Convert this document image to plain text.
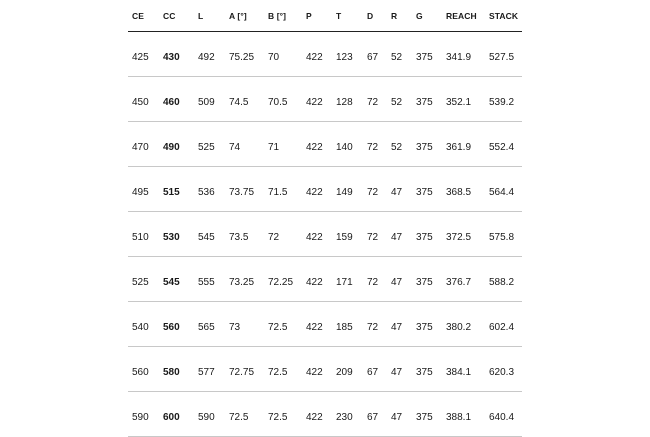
CE CC	L	A [°]	B [°] P	T	D R G	REACH STACK
425 430 492 75.25 70	422 123 67 52 375 341.9 527.5
450 460 509 74.5 70.5 422 128 72 52 375 352.1 539.2
470 490 525 74	71	422 140 72 52 375 361.9 552.4
495 515 536 73.75 71.5 422 149 72 47 375 368.5 564.4
510 530 545 73.5 72	422 159 72 47 375 372.5 575.8
525 545 555 73.25 72.25 422 171 72 47 375 376.7 588.2
540 560 565 73	72.5 422 185 72 47 375 380.2 602.4
560 580 577 72.75 72.5 422 209 67 47 375 384.1 620.3
590 600 590 72.5 72.5 422 230 67 47 375 388.1 640.4
